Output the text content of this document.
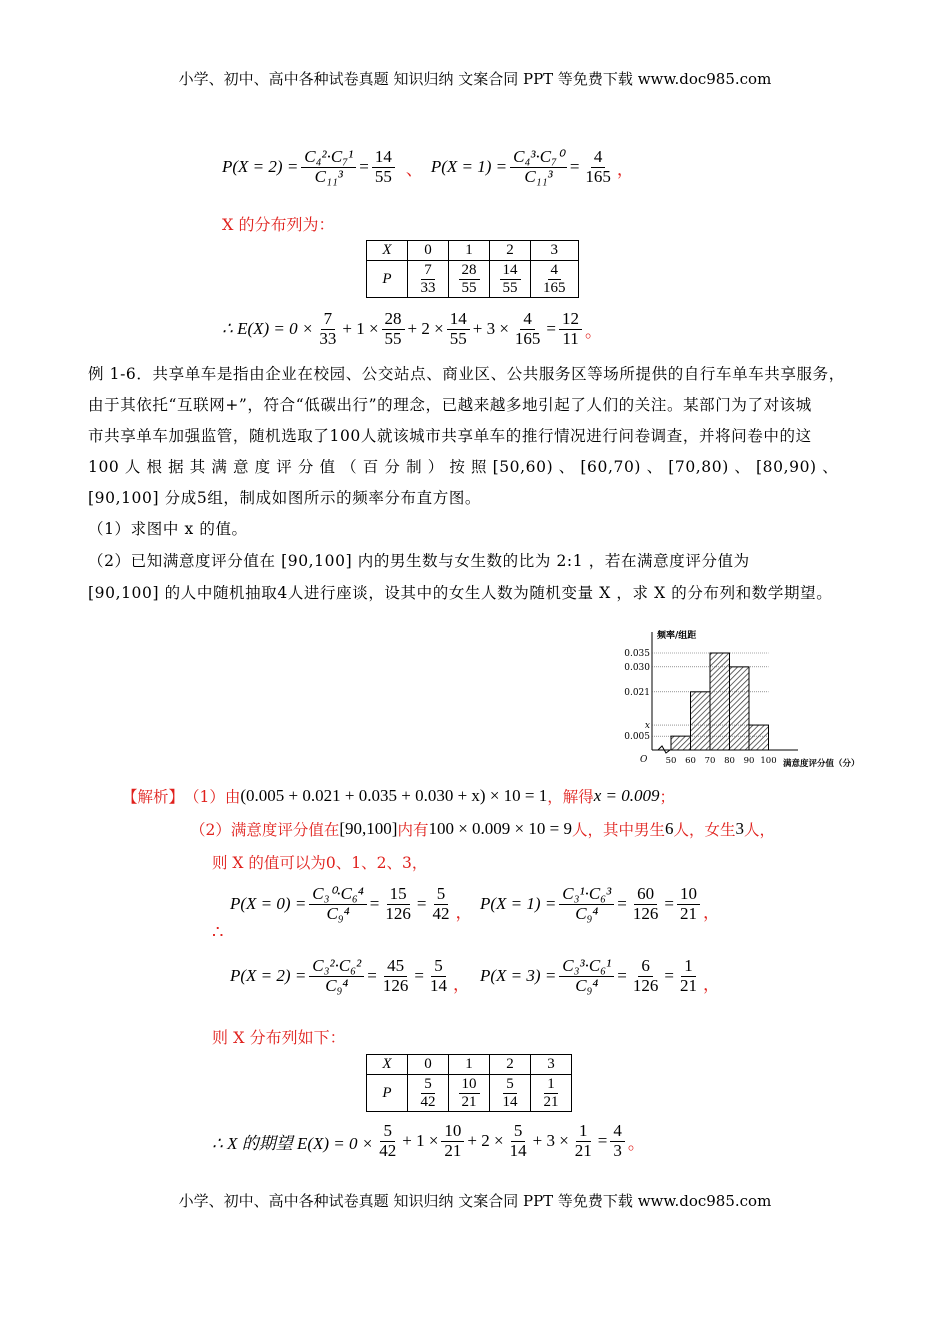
小学、初中、高中各种试卷真题 知识归纳 文案合同 PPT 等免费下载 www.doc985.com
$P(X = 2) = \frac{\text{C₄²·C₇¹}}{\text{C₁₁³}} = \frac{14}{55}$ 、 $P(X = 1) = \frac{\text{C₄³·C₇⁰}}{\text{C₁₁³}} = \frac{4}{165}$ ，
X 的分布列为：
X	0	1	2	3
P	$\frac{7}{33}$	$\frac{28}{55}$	$\frac{14}{55}$	$\frac{4}{165}$
∴ $E(X) = 0 \times \frac{7}{33} + 1 \times \frac{28}{55} + 2 \times \frac{14}{55} + 3 \times \frac{4}{165} = \frac{12}{11}$ 。
例 1-6．共享单车是指由企业在校园、公交站点、商业区、公共服务区等场所提供的自行车单车共享服务，
由于其依托“互联网+”，符合“低碳出行”的理念，已越来越多地引起了人们的关注。某部门为了对该城
市共享单车加强监管，随机选取了100人就该城市共享单车的推行情况进行问卷调查，并将问卷中的这
100 人 根 据 其 满 意 度 评 分 值 （ 百 分 制 ） 按 照 [50,60) 、 [60,70) 、 [70,80) 、 [80,90) 、
[90,100] 分成5组，制成如图所示的频率分布直方图。
（1）求图中 x 的值。
（2）已知满意度评分值在 [90,100] 内的男生数与女生数的比为 2:1 ，若在满意度评分值为
[90,100] 的人中随机抽取4人进行座谈，设其中的女生人数为随机变量 X ，求 X 的分布列和数学期望。
频率/组距
0.035
0.030
0.021
x
0.005
50 60 70 80 90 100
O	满意度评分值（分）
【解析】 （1）由 (0.005 + 0.021 + 0.035 + 0.030 + x) × 10 = 1 ，解得 x = 0.009 ；
（2）满意度评分值在 [90,100] 内有 100 × 0.009 × 10 = 9 人，其中男生 6 人，女生 3 人，
则 X 的值可以为0、1、2、3，
∴
$P(X = 0) = \frac{\text{C₃⁰·C₆⁴}}{\text{C₉⁴}} = \frac{15}{126} = \frac{5}{42}$ ， $P(X = 1) = \frac{\text{C₃¹·C₆³}}{\text{C₉⁴}} = \frac{60}{126} = \frac{10}{21}$ ，
$P(X = 2) = \frac{\text{C₃²·C₆²}}{\text{C₉⁴}} = \frac{45}{126} = \frac{5}{14}$ ， $P(X = 3) = \frac{\text{C₃³·C₆¹}}{\text{C₉⁴}} = \frac{6}{126} = \frac{1}{21}$ ，
则 X 分布列如下：
X	0	1	2	3
P	$\frac{5}{42}$	$\frac{10}{21}$	$\frac{5}{14}$	$\frac{1}{21}$
∴ X 的期望 $E(X) = 0 \times \frac{5}{42} + 1 \times \frac{10}{21} + 2 \times \frac{5}{14} + 3 \times \frac{1}{21} = \frac{4}{3}$ 。
小学、初中、高中各种试卷真题 知识归纳 文案合同 PPT 等免费下载 www.doc985.com
